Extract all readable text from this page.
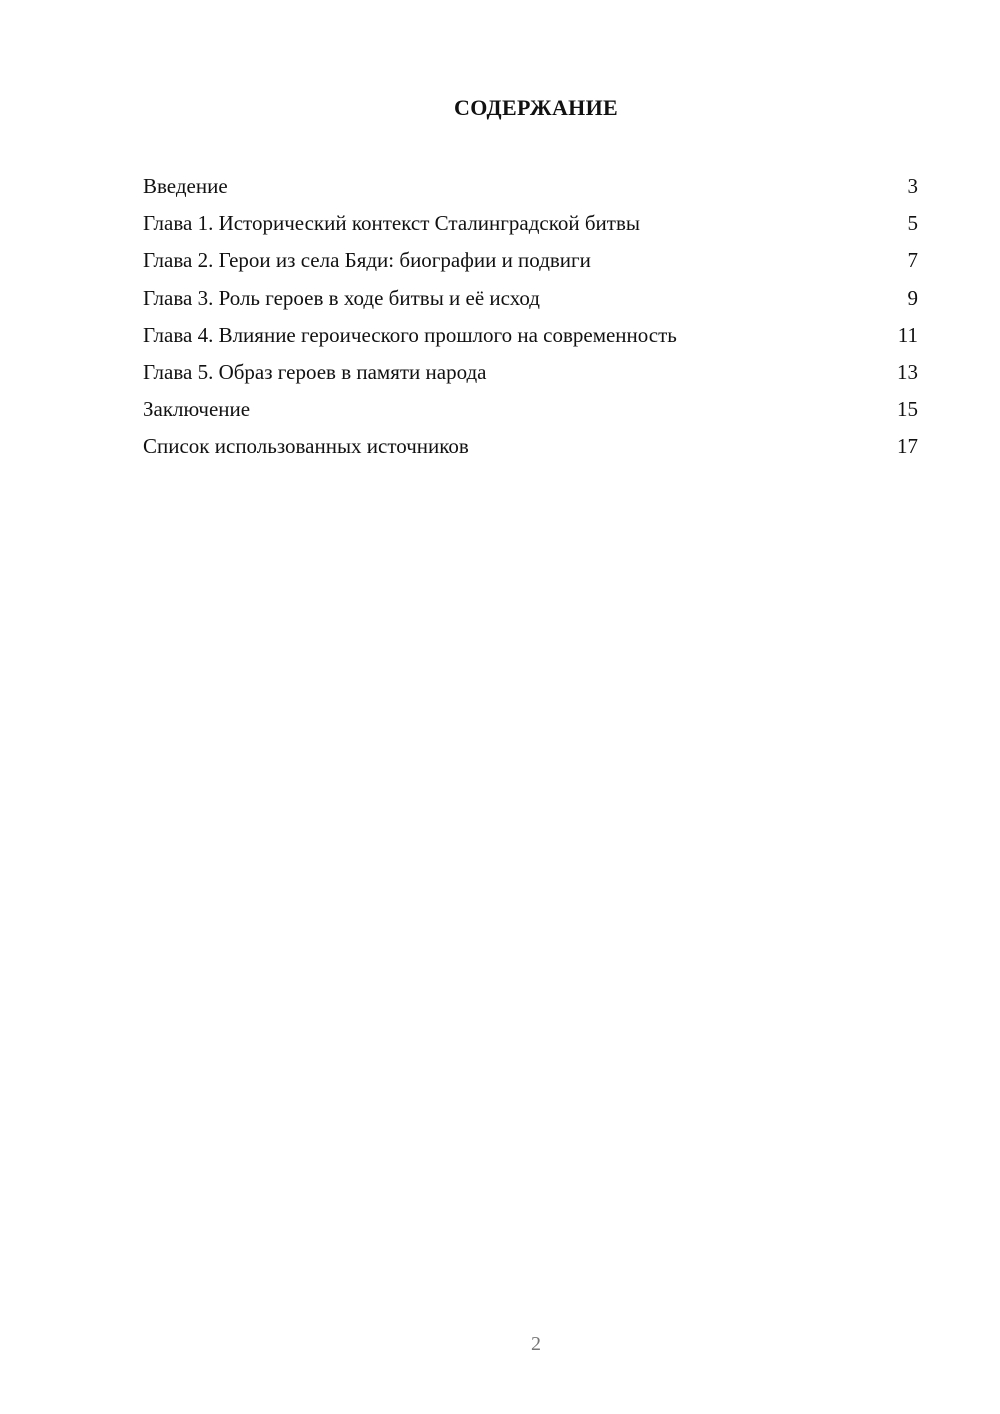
СОДЕРЖАНИЕ
Введение	3
Глава 1. Исторический контекст Сталинградской битвы	5
Глава 2. Герои из села Бяди: биографии и подвиги	7
Глава 3. Роль героев в ходе битвы и её исход	9
Глава 4. Влияние героического прошлого на современность	11
Глава 5. Образ героев в памяти народа	13
Заключение	15
Список использованных источников	17
2
